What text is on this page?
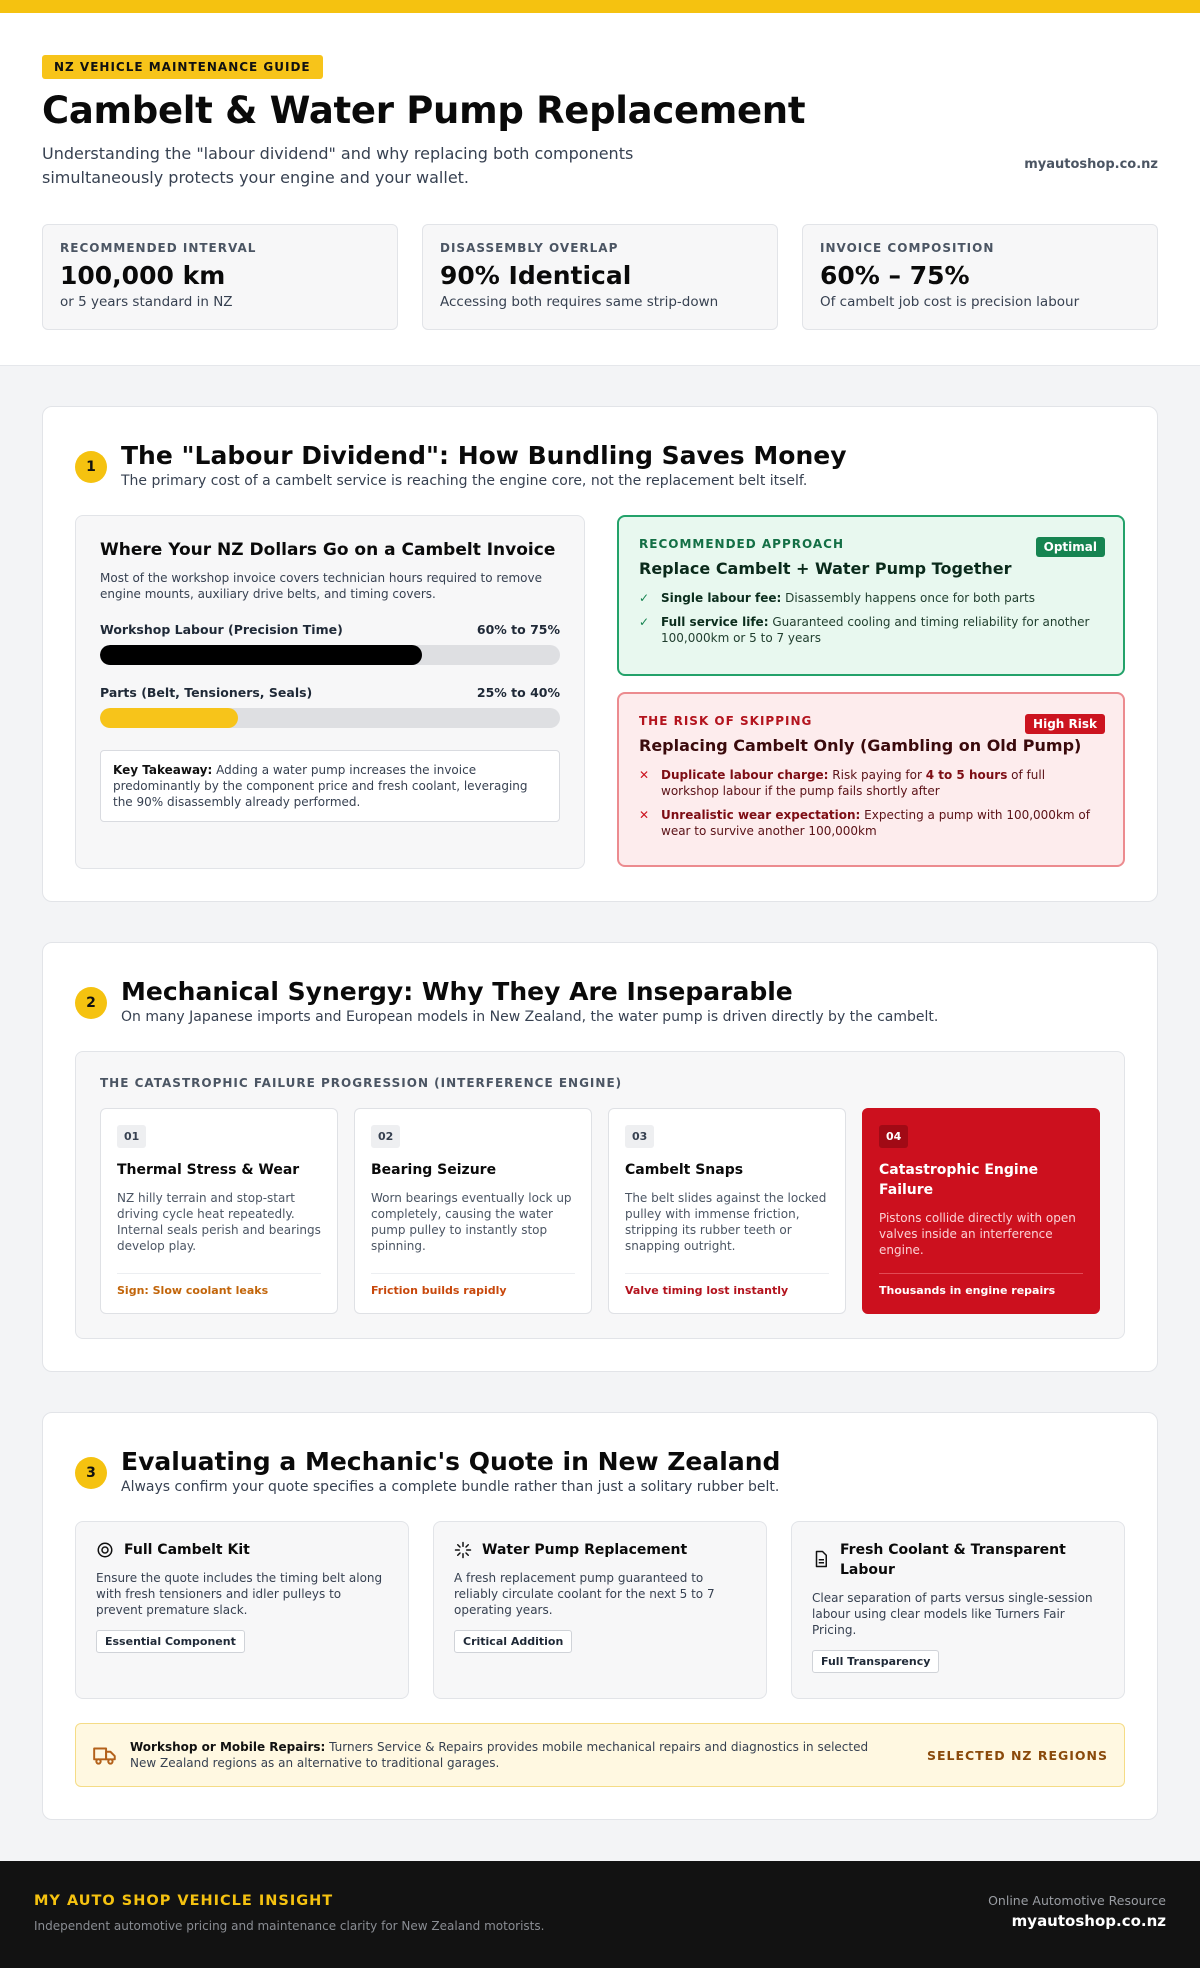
NZ VEHICLE MAINTENANCE GUIDE
Cambelt & Water Pump Replacement

Understanding the "labour dividend" and why replacing both components simultaneously protects your engine and your wallet.

myautoshop.co.nz
RECOMMENDED INTERVAL
100,000 km
or 5 years standard in NZ
DISASSEMBLY OVERLAP
90% Identical
Accessing both requires same strip-down
INVOICE COMPOSITION
60% – 75%
Of cambelt job cost is precision labour
1	The "Labour Dividend": How Bundling Saves Money

The primary cost of a cambelt service is reaching the engine core, not the replacement belt itself.

Where Your NZ Dollars Go on a Cambelt Invoice

Most of the workshop invoice covers technician hours required to remove engine mounts, auxiliary drive belts, and timing covers.

Workshop Labour (Precision Time)	60% to 75%
Parts (Belt, Tensioners, Seals)	25% to 40%
Key Takeaway: Adding a water pump increases the invoice predominantly by the component price and fresh coolant, leveraging the 90% disassembly already performed.
RECOMMENDED APPROACH	Optimal
Replace Cambelt + Water Pump Together
✓ Single labour fee: Disassembly happens once for both parts
✓ Full service life: Guaranteed cooling and timing reliability for another 100,000km or 5 to 7 years
THE RISK OF SKIPPING	High Risk
Replacing Cambelt Only (Gambling on Old Pump)
✕ Duplicate labour charge: Risk paying for 4 to 5 hours of full workshop labour if the pump fails shortly after
✕ Unrealistic wear expectation: Expecting a pump with 100,000km of wear to survive another 100,000km
2	Mechanical Synergy: Why They Are Inseparable

On many Japanese imports and European models in New Zealand, the water pump is driven directly by the cambelt.

THE CATASTROPHIC FAILURE PROGRESSION (INTERFERENCE ENGINE)
01
Thermal Stress & Wear
NZ hilly terrain and stop-start driving cycle heat repeatedly. Internal seals perish and bearings develop play.
Sign: Slow coolant leaks
02
Bearing Seizure
Worn bearings eventually lock up completely, causing the water pump pulley to instantly stop spinning.
Friction builds rapidly
03
Cambelt Snaps
The belt slides against the locked pulley with immense friction, stripping its rubber teeth or snapping outright.
Valve timing lost instantly
04
Catastrophic Engine Failure
Pistons collide directly with open valves inside an interference engine.
Thousands in engine repairs
3	Evaluating a Mechanic's Quote in New Zealand

Always confirm your quote specifies a complete bundle rather than just a solitary rubber belt.

Full Cambelt Kit
Ensure the quote includes the timing belt along with fresh tensioners and idler pulleys to prevent premature slack.
Essential Component
Water Pump Replacement
A fresh replacement pump guaranteed to reliably circulate coolant for the next 5 to 7 operating years.
Critical Addition
Fresh Coolant & Transparent Labour
Clear separation of parts versus single-session labour using clear models like Turners Fair Pricing.
Full Transparency
Workshop or Mobile Repairs: Turners Service & Repairs provides mobile mechanical repairs and diagnostics in selected New Zealand regions as an alternative to traditional garages.
SELECTED NZ REGIONS
MY AUTO SHOP VEHICLE INSIGHT
Independent automotive pricing and maintenance clarity for New Zealand motorists.
Online Automotive Resource
myautoshop.co.nz
